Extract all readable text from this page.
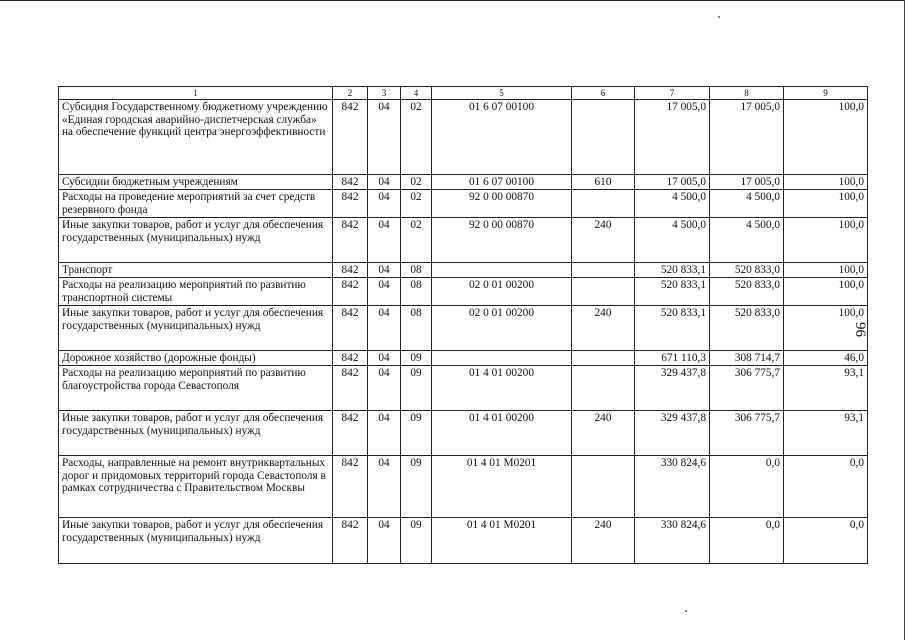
1	2	3	4	5	6	7	8	9
Субсидия Государственному бюджетному учреждению «Единая городская аварийно-диспетчерская служба» на обеспечение функций центра энергоэффективности	842	04	02	01 6 07 00100		17 005,0	17 005,0	100,0
Субсидии бюджетным учреждениям	842	04	02	01 6 07 00100	610	17 005,0	17 005,0	100,0
Расходы на проведение мероприятий за счет средств резервного фонда	842	04	02	92 0 00 00870		4 500,0	4 500,0	100,0
Иные закупки товаров, работ и услуг для обеспечения государственных (муниципальных) нужд	842	04	02	92 0 00 00870	240	4 500,0	4 500,0	100,0
Транспорт	842	04	08			520 833,1	520 833,0	100,0
Расходы на реализацию мероприятий по развитию транспортной системы	842	04	08	02 0 01 00200		520 833,1	520 833,0	100,0
Иные закупки товаров, работ и услуг для обеспечения государственных (муниципальных) нужд	842	04	08	02 0 01 00200	240	520 833,1	520 833,0	100,0
Дорожное хозяйство (дорожные фонды)	842	04	09			671 110,3	308 714,7	46,0
Расходы на реализацию мероприятий по развитию благоустройства города Севастополя	842	04	09	01 4 01 00200		329 437,8	306 775,7	93,1
Иные закупки товаров, работ и услуг для обеспечения государственных (муниципальных) нужд	842	04	09	01 4 01 00200	240	329 437,8	306 775,7	93,1
Расходы, направленные на ремонт внутриквартальных дорог и придомовых территорий города Севастополя в рамках сотрудничества с Правительством Москвы	842	04	09	01 4 01 M0201		330 824,6	0,0	0,0
Иные закупки товаров, работ и услуг для обеспечения государственных (муниципальных) нужд	842	04	09	01 4 01 M0201	240	330 824,6	0,0	0,0
96
